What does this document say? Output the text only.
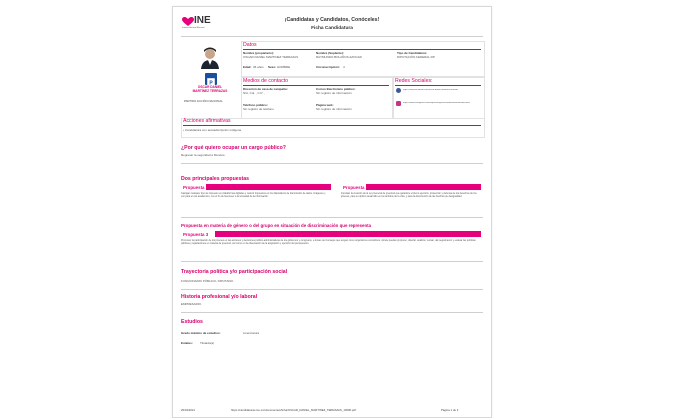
INE
Instituto Nacional Electoral
¡Candidatas y Candidatos, Conóceles!
Ficha Candidatura
P
OSCAR DANIEL
MARTÍNEZ TERRAZAS
PARTIDO ACCIÓN NACIONAL
Datos
Nombre (propietario):
OSCAR DANIEL MARTINEZ TERRAZAS
Nombre (Suplente):
RAYMUNDO BOLAÑOS AZOCAR
Tipo de Candidatura:
DIPUTACIÓN FEDERAL RP
Edad: 36 años Sexo: HOMBRE	Circunscripción: 4
Medios de contacto
Dirección de casa de campaña:
N/A, Col. , C.P. ,
Correo Electrónico público:
Sin registro de información
Teléfono público:
Sin registro de teléfono
Página web:
Sin registro de información
Redes Sociales:
https://www.facebook.com/oscar.daniel.martinez.terrazas
https://www.instagram.com/explore/tags/oscardanielmartinezterrazas/
Acciones afirmativas
• Candidatura con autoadscripción indígena
¿Por qué quiero ocupar un cargo público?
Regresar la seguridad a Morelos.
Dos principales propuestas
Propuesta
Castigar cualquier tipo de impuesto en plataformas digitales y reducir impuestos en los dispositivos de transmisión de datos, imágenes y voz para el uso académico, con el fin de favorecer a la sociedad de la información.
Propuesta
Impulsar la creación de la Ley General de juventud que garantice el pleno ejercicio, protección y defensa de los derechos de los jóvenes, para su óptimo desarrollo en los ámbitos de la vida, y para la disminución de las brechas de desigualdad.
Propuesta en materia de género o del grupo en situación de discriminación que representa
Propuesta 3
Promover la participación de los jóvenes en las acciones y decisiones político-administrativas de los gobiernos y congresos, a través de Consejos que tengan como organismos consultivos, donde puedan proponer, diseñar, analizar, revisar, dar seguimiento y evaluar las políticas públicas y legislaciones en materia de juventud, así como en la observación de la asignación y ejercicio del presupuesto.
Trayectoria política y/o participación social
FUNCIONARIO PÚBLICO, DIPUTADO.
Historia profesional y/o laboral
EMPRESARIO.
Estudios
Grado máximo de estudios:	Licenciatura
Estatus: Titulado(a)
25/04/2021	https://candidaturas.ine.mx/documentos/ficha/OSCAR_DANIEL_MARTINEZ_TERRAZAS_13606.pdf	Página 1 de 2
